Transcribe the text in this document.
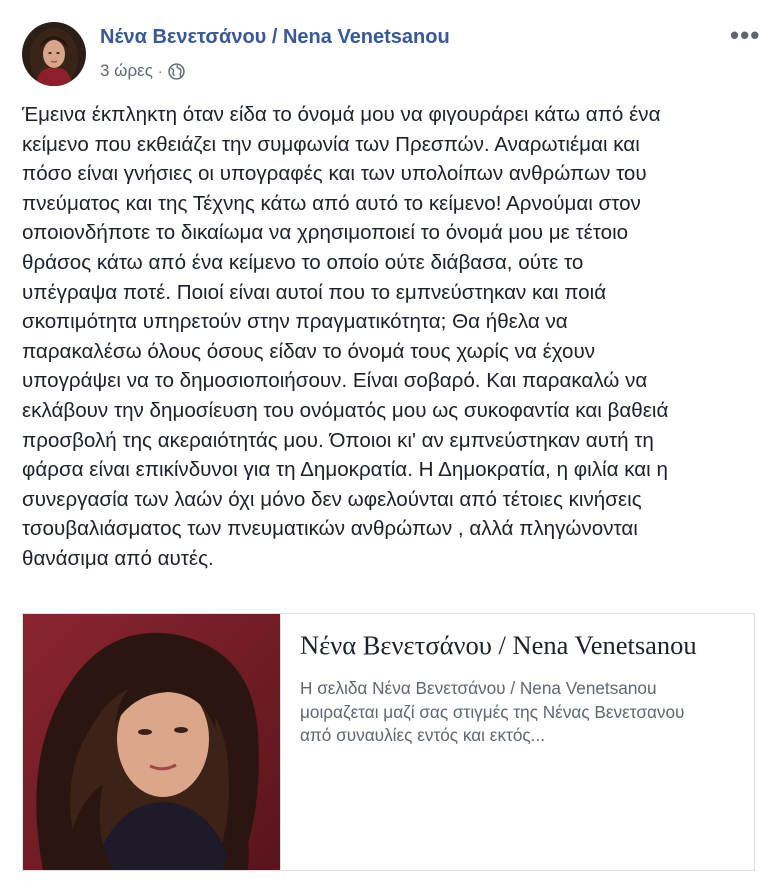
Νένα Βενετσάνου / Nena Venetsanou
3 ώρες ·
•••
Έμεινα έκπληκτη όταν είδα το όνομά μου να φιγουράρει κάτω από ένα
κείμενο που εκθειάζει την συμφωνία των Πρεσπών. Αναρωτιέμαι και
πόσο είναι γνήσιες οι υπογραφές και των υπολοίπων ανθρώπων του
πνεύματος και της Τέχνης κάτω από αυτό το κείμενο! Αρνούμαι στον
οποιονδήποτε το δικαίωμα να χρησιμοποιεί το όνομά μου με τέτοιο
θράσος κάτω από ένα κείμενο το οποίο ούτε διάβασα, ούτε το
υπέγραψα ποτέ. Ποιοί είναι αυτοί που το εμπνεύστηκαν και ποιά
σκοπιμότητα υπηρετούν στην πραγματικότητα; Θα ήθελα να
παρακαλέσω όλους όσους είδαν το όνομά τους χωρίς να έχουν
υπογράψει να το δημοσιοποιήσουν. Είναι σοβαρό. Και παρακαλώ να
εκλάβουν την δημοσίευση του ονόματός μου ως συκοφαντία και βαθειά
προσβολή της ακεραιότητάς μου. Όποιοι κι' αν εμπνεύστηκαν αυτή τη
φάρσα είναι επικίνδυνοι για τη Δημοκρατία. Η Δημοκρατία, η φιλία και η
συνεργασία των λαών όχι μόνο δεν ωφελούνται από τέτοιες κινήσεις
τσουβαλιάσματος των πνευματικών ανθρώπων , αλλά πληγώνονται
θανάσιμα από αυτές.
Νένα Βενετσάνου / Nena Venetsanou
Η σελιδα Νένα Βενετσάνου / Nena Venetsanou μοιραζεται μαζί σας στιγμές της Νένας Βενετσανου από συναυλίες εντός και εκτός...
